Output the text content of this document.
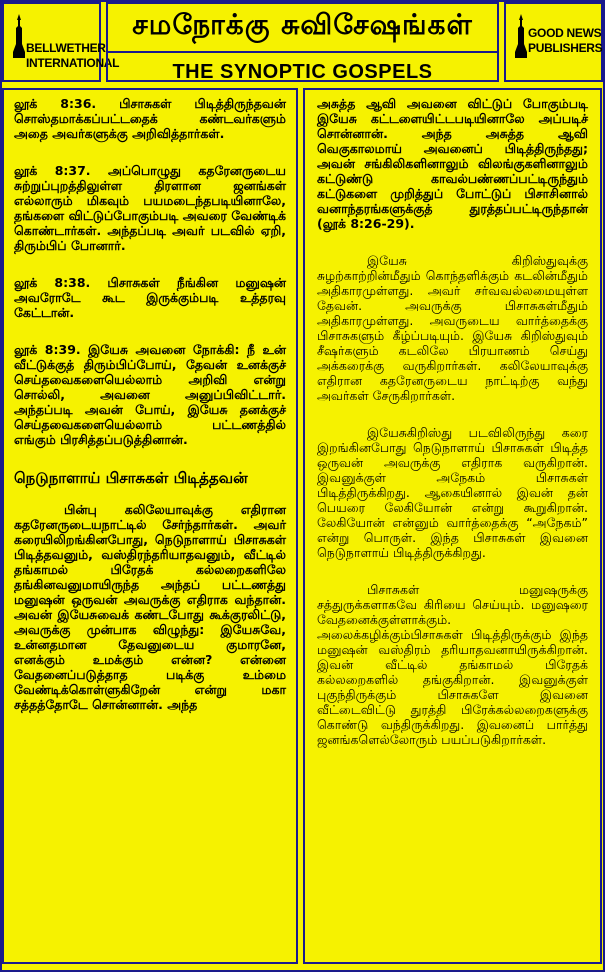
BELLWETHER
INTERNATIONAL
சமநோக்கு சுவிசேஷங்கள்
THE SYNOPTIC GOSPELS
GOOD NEWS
PUBLISHERS

லூக் 8:36. பிசாசுகள் பிடித்திருந்தவன் சொஸ்தமாக்கப்பட்டதைக் கண்டவர்களும் அதை அவர்களுக்கு அறிவித்தார்கள்.

லூக் 8:37. அப்பொழுது கதரேனருடைய சுற்றுப்புறத்திலுள்ள திரளான ஜனங்கள் எல்லாரும் மிகவும் பயமடைந்தபடியினாலே, தங்களை விட்டுப்போகும்படி அவரை வேண்டிக் கொண்டார்கள். அந்தப்படி அவர் படவில் ஏறி, திரும்பிப் போனார்.

லூக் 8:38. பிசாசுகள் நீங்கின மனுஷன் அவரோடே கூட இருக்கும்படி உத்தரவு கேட்டான்.

லூக் 8:39. இயேசு அவனை நோக்கி: நீ உன் வீட்டுக்குத் திரும்பிப்போய், தேவன் உனக்குச் செய்தவைகளையெல்லாம் அறிவி என்று சொல்லி, அவனை அனுப்பிவிட்டார். அந்தப்படி அவன் போய், இயேசு தனக்குச் செய்தவைகளையெல்லாம் பட்டணத்தில் எங்கும் பிரசித்தப்படுத்தினான்.

நெடுநாளாய் பிசாசுகள் பிடித்தவன்

பின்பு கலிலேயாவுக்கு எதிரான கதரேனருடையநாட்டில் சேர்ந்தார்கள். அவர் கரையிலிறங்கினபோது, நெடுநாளாய் பிசாசுகள் பிடித்தவனும், வஸ்திரந்தரியாதவனும், வீட்டில் தங்காமல் பிரேதக் கல்லறைகளிலே தங்கினவனுமாயிருந்த அந்தப் பட்டணத்து மனுஷன் ஒருவன் அவருக்கு எதிராக வந்தான். அவன் இயேசுவைக் கண்டபோது கூக்குரலிட்டு, அவருக்கு முன்பாக விழுந்து: இயேசுவே, உன்னதமான தேவனுடைய குமாரனே, எனக்கும் உமக்கும் என்ன? என்னை வேதனைப்படுத்தாத படிக்கு உம்மை வேண்டிக்கொள்ளுகிறேன் என்று மகா சத்தத்தோடே சொன்னான். அந்த

அசுத்த ஆவி அவனை விட்டுப் போகும்படி இயேசு கட்டளையிட்டபடியினாலே அப்படிச் சொன்னான். அந்த அசுத்த ஆவி வெகுகாலமாய் அவனைப் பிடித்திருந்தது; அவன் சங்கிலிகளினாலும் விலங்குகளினாலும் கட்டுண்டு காவல்பண்ணப்பட்டிருந்தும் கட்டுகளை முறித்துப் போட்டுப் பிசாசினால் வனாந்தரங்களுக்குத் துரத்தப்பட்டிருந்தான் (லூக் 8:26-29).

இயேசு கிறிஸ்துவுக்கு சுழற்காற்றின்மீதும் கொந்தளிக்கும் கடலின்மீதும் அதிகாரமுள்ளது. அவர் சர்வவல்லமையுள்ள தேவன். அவருக்கு பிசாசுகள்மீதும் அதிகாரமுள்ளது. அவருடைய வார்த்தைக்கு பிசாசுகளும் கீழ்ப்படியும். இயேசு கிறிஸ்துவும் சீஷர்களும் கடலிலே பிரயாணம் செய்து அக்கரைக்கு வருகிறார்கள். கலிலேயாவுக்கு எதிரான கதரேனருடைய நாட்டிற்கு வந்து அவர்கள் சேருகிறார்கள்.

இயேசுகிறிஸ்து படவிலிருந்து கரை இறங்கினபோது நெடுநாளாய் பிசாசுகள் பிடித்த ஒருவன் அவருக்கு எதிராக வருகிறான். இவனுக்குள் அநேகம் பிசாசுகள் பிடித்திருக்கிறது. ஆகையினால் இவன் தன் பெயரை லேகியோன் என்று கூறுகிறான். லேகியோன் என்னும் வார்த்தைக்கு “அநேகம்” என்று பொருள். இந்த பிசாசுகள் இவனை நெடுநாளாய் பிடித்திருக்கிறது.

பிசாசுகள் மனுஷருக்கு சத்துருக்களாகவே கிரியை செய்யும். மனுஷரை வேதனைக்குள்ளாக்கும். அலைக்கழிக்கும்பிசாசுகள் பிடித்திருக்கும் இந்த மனுஷன் வஸ்திரம் தரியாதவனாயிருக்கிறான். இவன் வீட்டில் தங்காமல் பிரேதக் கல்லறைகளில் தங்குகிறான். இவனுக்குள் புகுந்திருக்கும் பிசாசுகளே இவனை வீட்டைவிட்டு துரத்தி பிரேக்கல்லறைகளுக்கு கொண்டு வந்திருக்கிறது. இவனைப் பார்த்து ஜனங்களெல்லோரும் பயப்படுகிறார்கள்.
